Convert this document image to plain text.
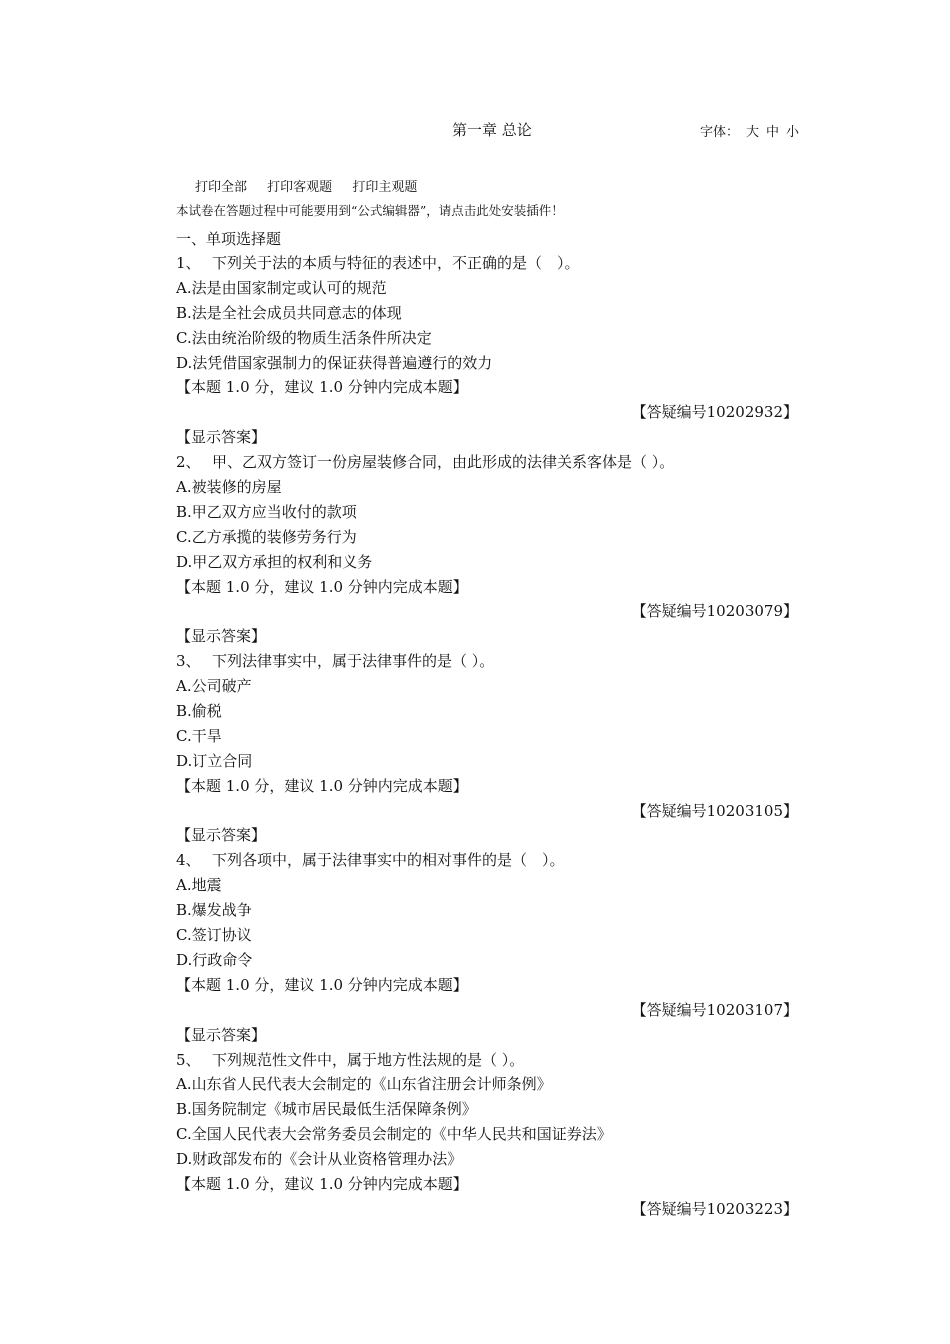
第一章 总论	字体： 大 中 小
打印全部 打印客观题 打印主观题
本试卷在答题过程中可能要用到“公式编辑器”，请点击此处安装插件！
一、单项选择题
1、 下列关于法的本质与特征的表述中，不正确的是（　）。
A.法是由国家制定或认可的规范
B.法是全社会成员共同意志的体现
C.法由统治阶级的物质生活条件所决定
D.法凭借国家强制力的保证获得普遍遵行的效力
【本题 1.0 分，建议 1.0 分钟内完成本题】
【答疑编号10202932】
【显示答案】
2、 甲、乙双方签订一份房屋装修合同，由此形成的法律关系客体是（ ）。
A.被装修的房屋
B.甲乙双方应当收付的款项
C.乙方承揽的装修劳务行为
D.甲乙双方承担的权利和义务
【本题 1.0 分，建议 1.0 分钟内完成本题】
【答疑编号10203079】
【显示答案】
3、 下列法律事实中，属于法律事件的是（ ）。
A.公司破产
B.偷税
C.干旱
D.订立合同
【本题 1.0 分，建议 1.0 分钟内完成本题】
【答疑编号10203105】
【显示答案】
4、 下列各项中，属于法律事实中的相对事件的是（　）。
A.地震
B.爆发战争
C.签订协议
D.行政命令
【本题 1.0 分，建议 1.0 分钟内完成本题】
【答疑编号10203107】
【显示答案】
5、 下列规范性文件中，属于地方性法规的是（ ）。
A.山东省人民代表大会制定的《山东省注册会计师条例》
B.国务院制定《城市居民最低生活保障条例》
C.全国人民代表大会常务委员会制定的《中华人民共和国证券法》
D.财政部发布的《会计从业资格管理办法》
【本题 1.0 分，建议 1.0 分钟内完成本题】
【答疑编号10203223】
